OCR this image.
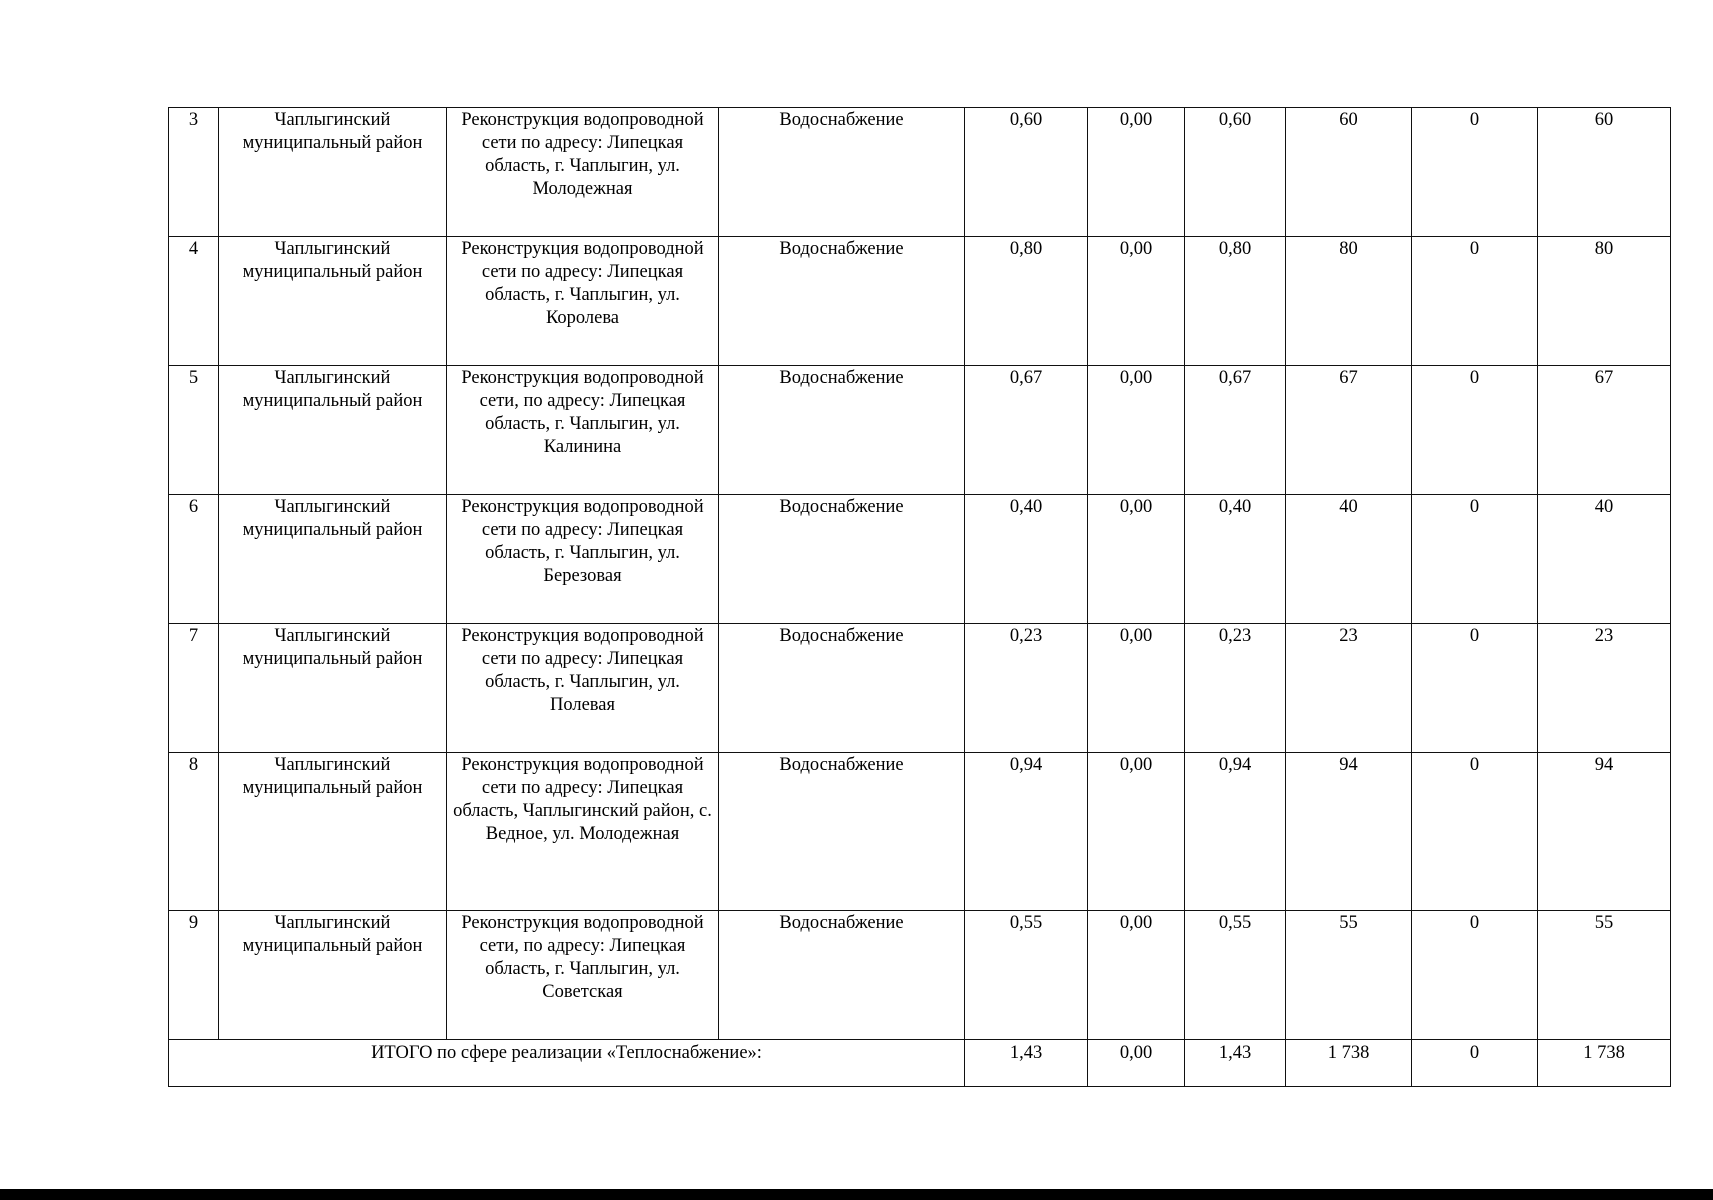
3	Чаплыгинский муниципальный район	Реконструкция водопроводной сети по адресу: Липецкая область, г. Чаплыгин, ул. Молодежная	Водоснабжение	0,60	0,00	0,60	60	0	60
4	Чаплыгинский муниципальный район	Реконструкция водопроводной сети по адресу: Липецкая область, г. Чаплыгин, ул. Королева	Водоснабжение	0,80	0,00	0,80	80	0	80
5	Чаплыгинский муниципальный район	Реконструкция водопроводной сети, по адресу: Липецкая область, г. Чаплыгин, ул. Калинина	Водоснабжение	0,67	0,00	0,67	67	0	67
6	Чаплыгинский муниципальный район	Реконструкция водопроводной сети по адресу: Липецкая область, г. Чаплыгин, ул. Березовая	Водоснабжение	0,40	0,00	0,40	40	0	40
7	Чаплыгинский муниципальный район	Реконструкция водопроводной сети по адресу: Липецкая область, г. Чаплыгин, ул. Полевая	Водоснабжение	0,23	0,00	0,23	23	0	23
8	Чаплыгинский муниципальный район	Реконструкция водопроводной сети по адресу: Липецкая область, Чаплыгинский район, с. Ведное, ул. Молодежная	Водоснабжение	0,94	0,00	0,94	94	0	94
9	Чаплыгинский муниципальный район	Реконструкция водопроводной сети, по адресу: Липецкая область, г. Чаплыгин, ул. Советская	Водоснабжение	0,55	0,00	0,55	55	0	55
ИТОГО по сфере реализации «Теплоснабжение»:				1,43	0,00	1,43	1 738	0	1 738
